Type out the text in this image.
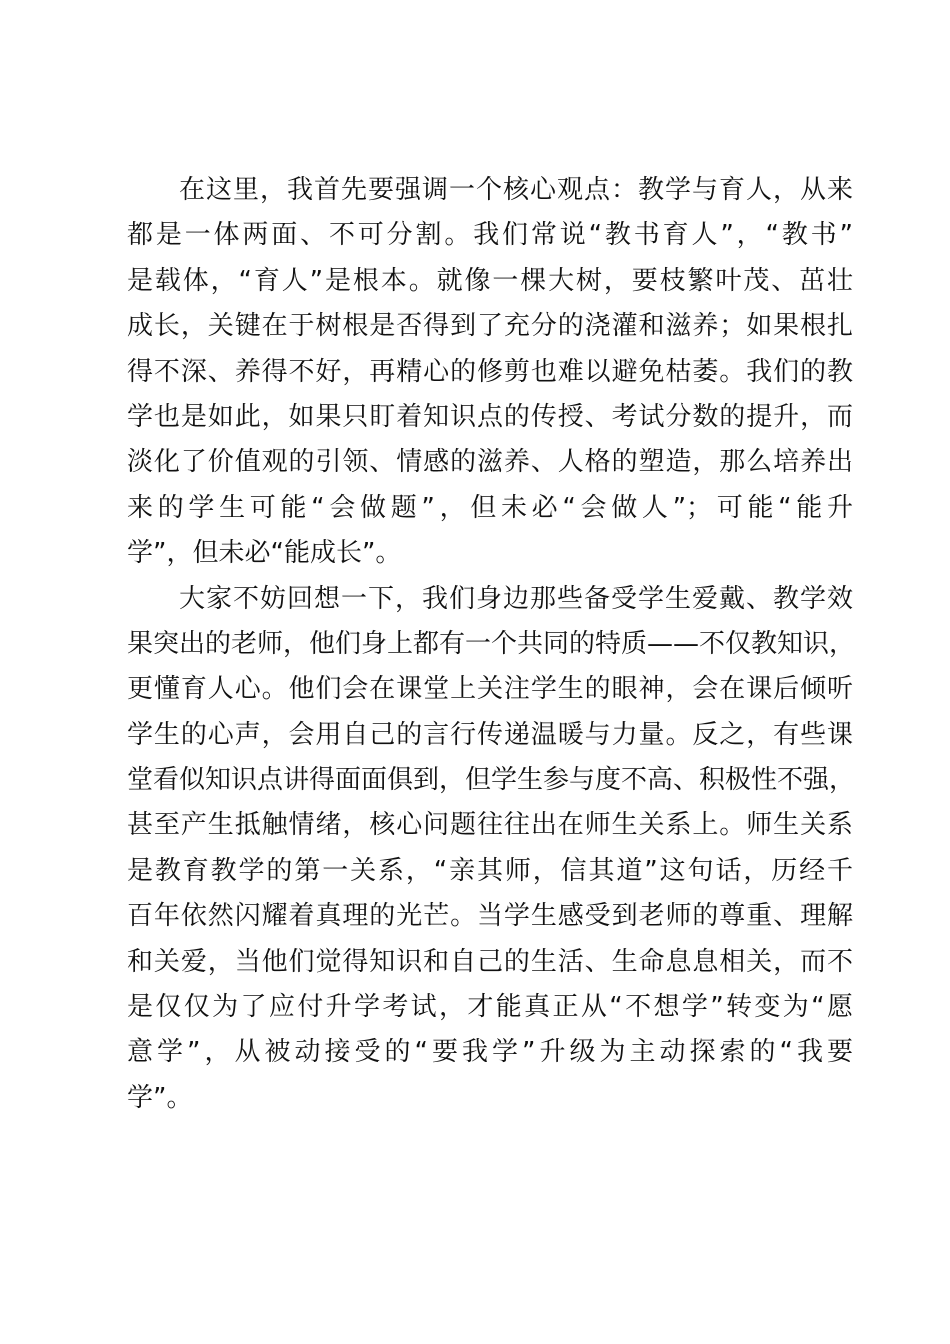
在这里，我首先要强调一个核心观点：教学与育人，从来
都是一体两面、不可分割。我们常说“教书育人”，“教书”
是载体，“育人”是根本。就像一棵大树，要枝繁叶茂、茁壮
成长，关键在于树根是否得到了充分的浇灌和滋养；如果根扎
得不深、养得不好，再精心的修剪也难以避免枯萎。我们的教
学也是如此，如果只盯着知识点的传授、考试分数的提升，而
淡化了价值观的引领、情感的滋养、人格的塑造，那么培养出
来的学生可能“会做题”，但未必“会做人”；可能“能升
学”，但未必“能成长”。
大家不妨回想一下，我们身边那些备受学生爱戴、教学效
果突出的老师，他们身上都有一个共同的特质——不仅教知识，
更懂育人心。他们会在课堂上关注学生的眼神，会在课后倾听
学生的心声，会用自己的言行传递温暖与力量。反之，有些课
堂看似知识点讲得面面俱到，但学生参与度不高、积极性不强，
甚至产生抵触情绪，核心问题往往出在师生关系上。师生关系
是教育教学的第一关系，“亲其师，信其道”这句话，历经千
百年依然闪耀着真理的光芒。当学生感受到老师的尊重、理解
和关爱，当他们觉得知识和自己的生活、生命息息相关，而不
是仅仅为了应付升学考试，才能真正从“不想学”转变为“愿
意学”，从被动接受的“要我学”升级为主动探索的“我要
学”。
